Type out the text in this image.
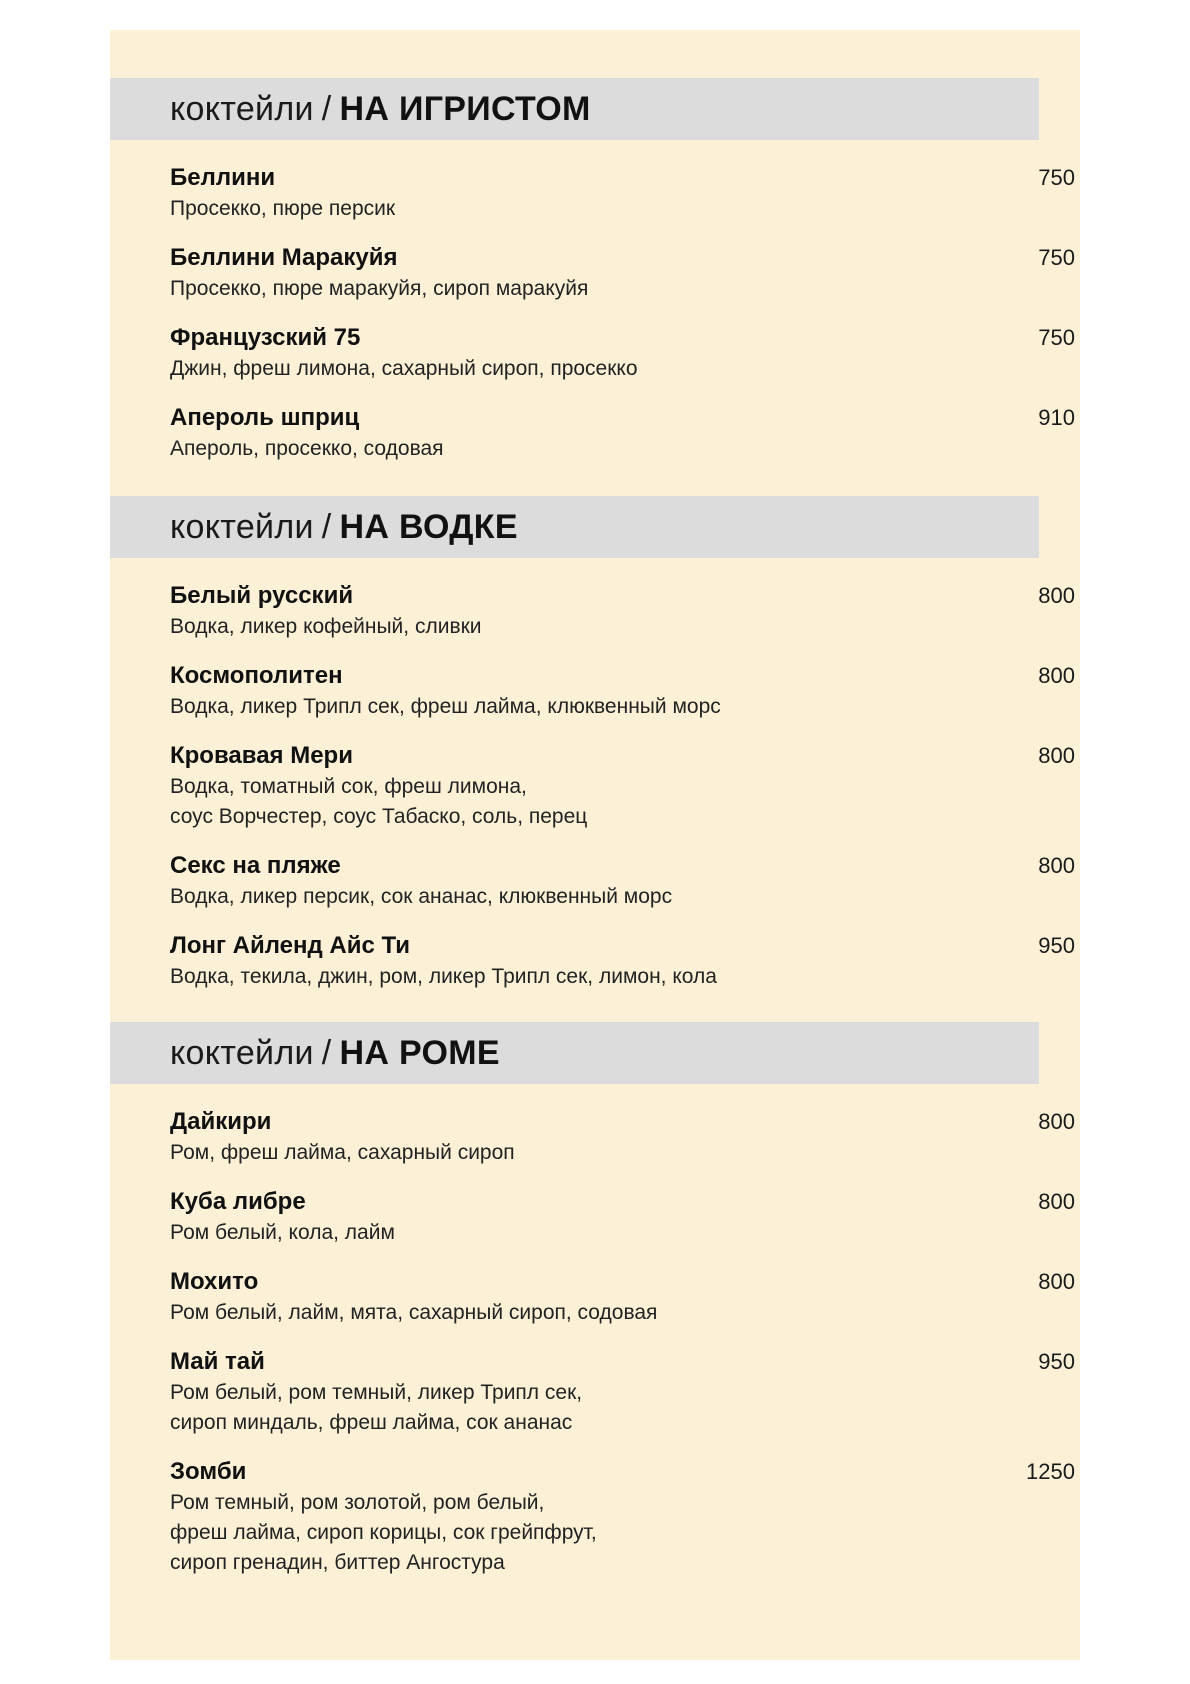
коктейли / НА ИГРИСТОМ
Беллини
Просекко, пюре персик
750
Беллини Маракуйя
Просекко, пюре маракуйя, сироп маракуйя
750
Французский 75
Джин, фреш лимона, сахарный сироп, просекко
750
Апероль шприц
Апероль, просекко, содовая
910
коктейли / НА ВОДКЕ
Белый русский
Водка, ликер кофейный, сливки
800
Космополитен
Водка, ликер Трипл сек, фреш лайма, клюквенный морс
800
Кровавая Мери
Водка, томатный сок, фреш лимона,
соус Ворчестер, соус Табаско, соль, перец
800
Секс на пляже
Водка, ликер персик, сок ананас, клюквенный морс
800
Лонг Айленд Айс Ти
Водка, текила, джин, ром, ликер Трипл сек, лимон, кола
950
коктейли / НА РОМЕ
Дайкири
Ром, фреш лайма, сахарный сироп
800
Куба либре
Ром белый, кола, лайм
800
Мохито
Ром белый, лайм, мята, сахарный сироп, содовая
800
Май тай
Ром белый, ром темный, ликер Трипл сек,
сироп миндаль, фреш лайма, сок ананас
950
Зомби
Ром темный, ром золотой, ром белый,
фреш лайма, сироп корицы, сок грейпфрут,
сироп гренадин, биттер Ангостура
1250
